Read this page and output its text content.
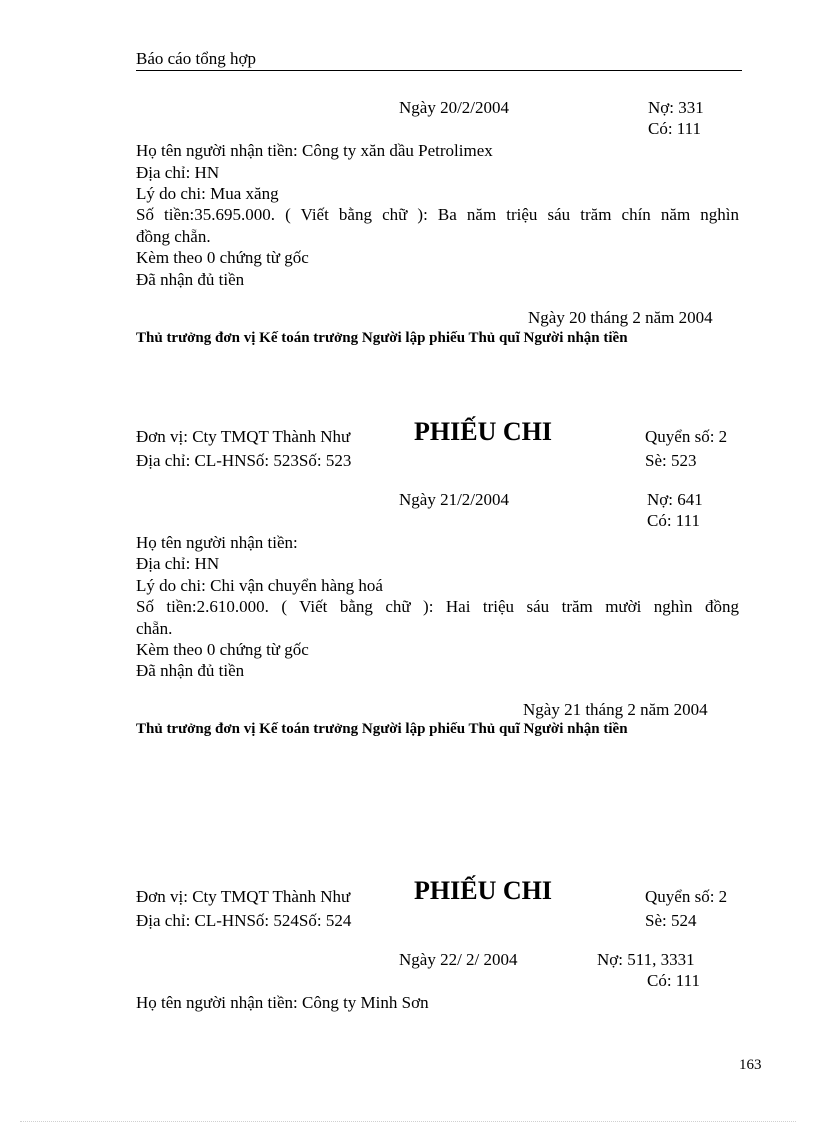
Báo cáo tổng hợp
Ngày 20/2/2004	Nợ: 331
Có: 111
Họ tên người nhận tiền: Công ty xăn dầu Petrolimex
Địa chỉ: HN
Lý do chi: Mua xăng
Số tiền:35.695.000. ( Viết bằng chữ ): Ba năm triệu sáu trăm chín năm nghìn
đồng chẵn.
Kèm theo 0 chứng từ gốc
Đã nhận đủ tiền
Ngày 20 tháng 2 năm 2004
Thủ trưởng đơn vị Kế toán trưởng Người lập phiếu Thủ quĩ Người nhận tiền
Đơn vị: Cty TMQT Thành Như PHIẾU CHI	Quyển số: 2
Địa chỉ: CL-HNSố: 523Số: 523	Sè: 523
Ngày 21/2/2004	Nợ: 641
Có: 111
Họ tên người nhận tiền:
Địa chỉ: HN
Lý do chi: Chi vận chuyển hàng hoá
Số tiền:2.610.000. ( Viết bằng chữ ): Hai triệu sáu trăm mười nghìn đồng
chẵn.
Kèm theo 0 chứng từ gốc
Đã nhận đủ tiền
Ngày 21 tháng 2 năm 2004
Thủ trưởng đơn vị Kế toán trưởng Người lập phiếu Thủ quĩ Người nhận tiền
Đơn vị: Cty TMQT Thành Như PHIẾU CHI	Quyển số: 2
Địa chỉ: CL-HNSố: 524Số: 524	Sè: 524
Ngày 22/ 2/ 2004	Nợ: 511, 3331
Có: 111
Họ tên người nhận tiền: Công ty Minh Sơn
163
